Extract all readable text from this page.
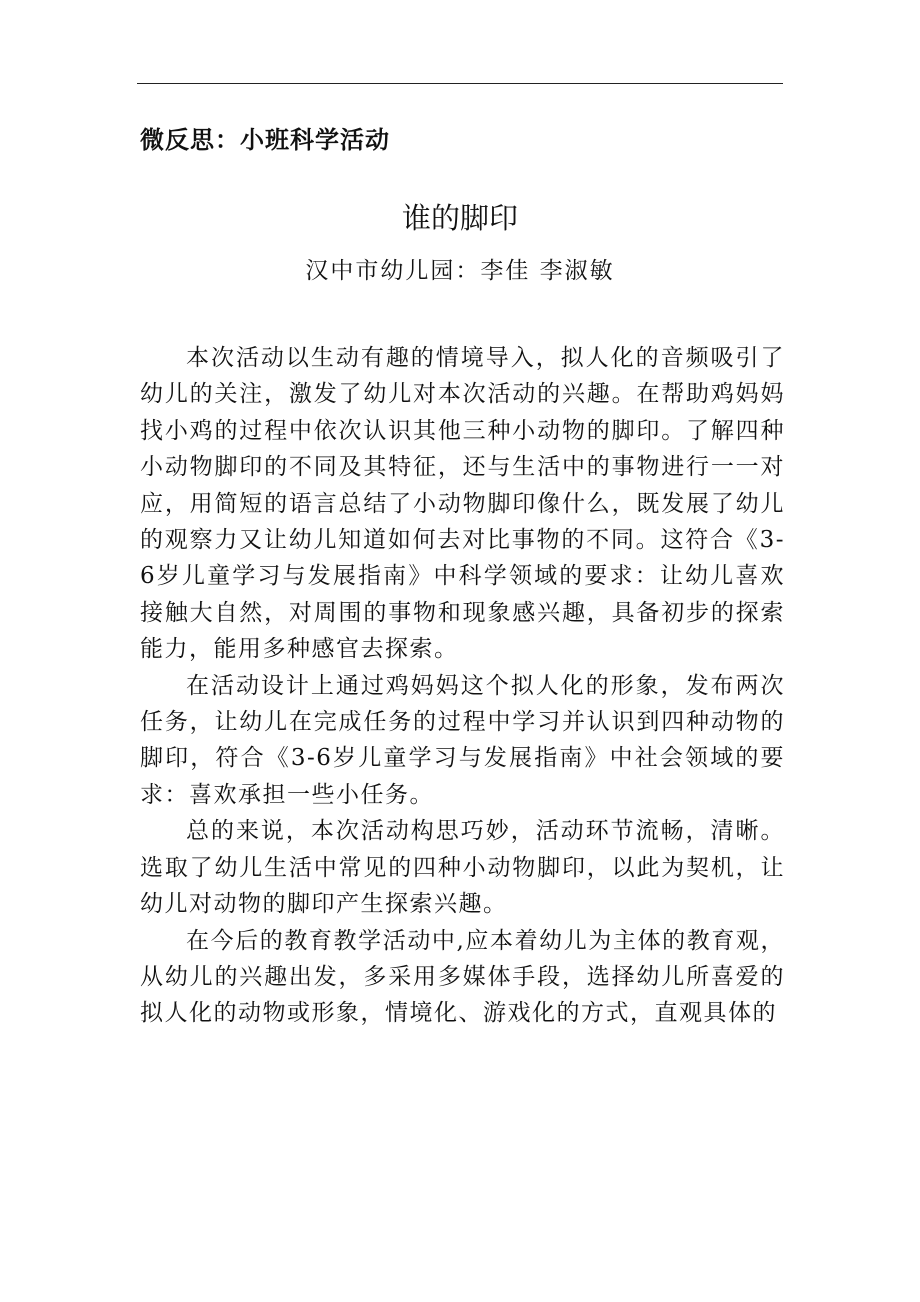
微反思：小班科学活动
谁的脚印
汉中市幼儿园：李佳 李淑敏

本次活动以生动有趣的情境导入，拟人化的音频吸引了幼儿的关注，激发了幼儿对本次活动的兴趣。在帮助鸡妈妈找小鸡的过程中依次认识其他三种小动物的脚印。了解四种小动物脚印的不同及其特征，还与生活中的事物进行一一对应，用简短的语言总结了小动物脚印像什么，既发展了幼儿的观察力又让幼儿知道如何去对比事物的不同。这符合《3-6岁儿童学习与发展指南》中科学领域的要求：让幼儿喜欢接触大自然，对周围的事物和现象感兴趣，具备初步的探索能力，能用多种感官去探索。

在活动设计上通过鸡妈妈这个拟人化的形象，发布两次任务，让幼儿在完成任务的过程中学习并认识到四种动物的脚印，符合《3-6岁儿童学习与发展指南》中社会领域的要求：喜欢承担一些小任务。

总的来说，本次活动构思巧妙，活动环节流畅，清晰。选取了幼儿生活中常见的四种小动物脚印，以此为契机，让幼儿对动物的脚印产生探索兴趣。

在今后的教育教学活动中,应本着幼儿为主体的教育观，从幼儿的兴趣出发，多采用多媒体手段，选择幼儿所喜爱的拟人化的动物或形象，情境化、游戏化的方式，直观具体的
